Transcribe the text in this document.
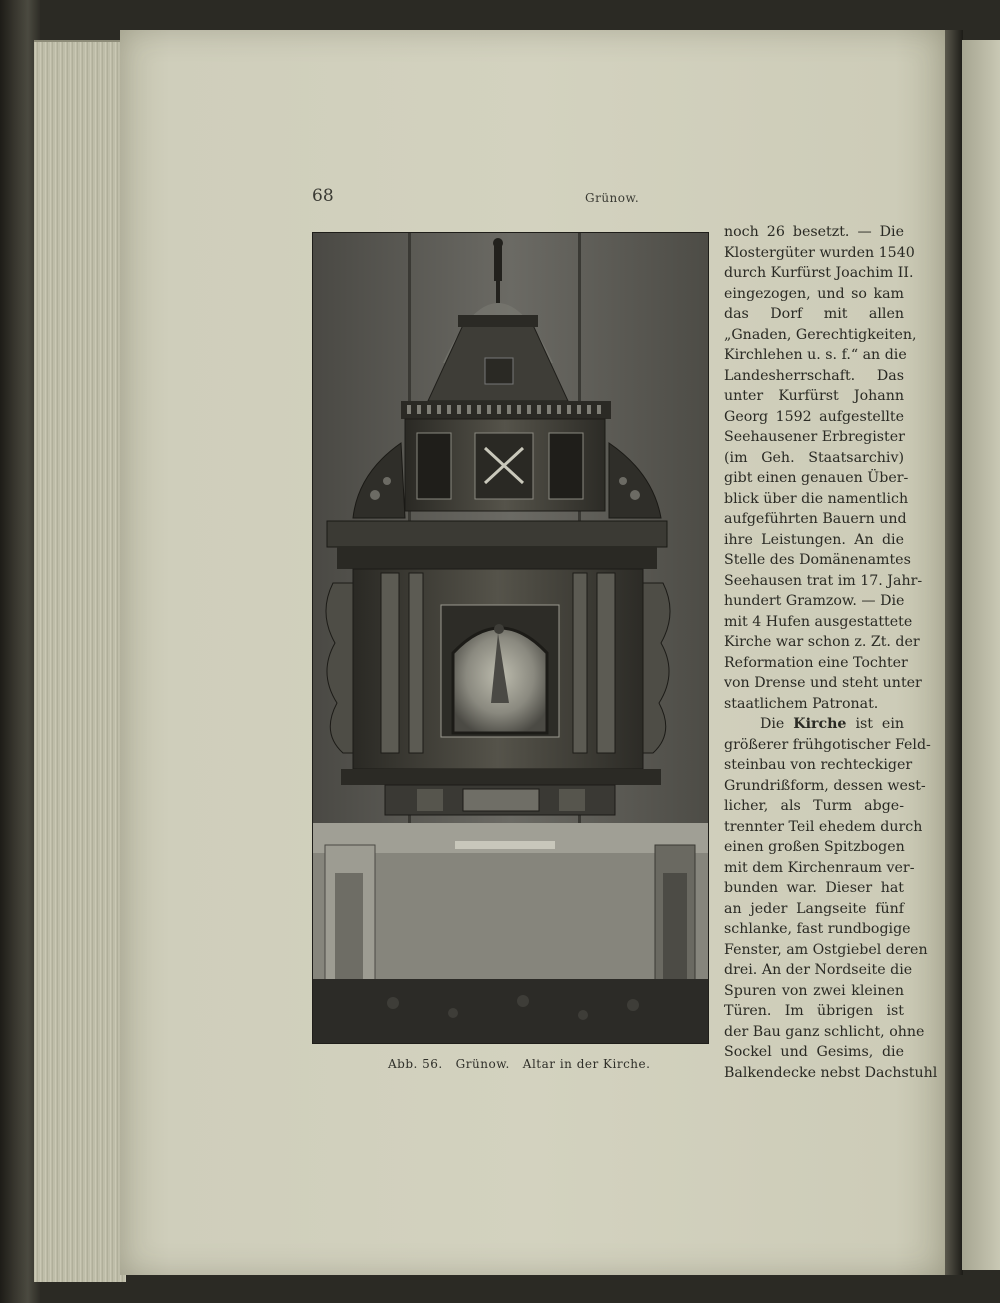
68	Grünow.
Abb. 56.   Grünow.   Altar in der Kirche.
noch 26 besetzt. — Die
Klostergüter wurden 1540
durch Kurfürst Joachim II.
eingezogen, und so kam
das Dorf mit allen
„Gnaden, Gerechtigkeiten,
Kirchlehen u. s. f.“ an die
Landesherrschaft. Das
unter Kurfürst Johann
Georg 1592 aufgestellte
Seehausener Erbregister
(im Geh. Staatsarchiv)
gibt einen genauen Über-
blick über die namentlich
aufgeführten Bauern und
ihre Leistungen. An die
Stelle des Domänenamtes
Seehausen trat im 17. Jahr-
hundert Gramzow. — Die
mit 4 Hufen ausgestattete
Kirche war schon z. Zt. der
Reformation eine Tochter
von Drense und steht unter
staatlichem Patronat.
Die Kirche ist ein
größerer frühgotischer Feld-
steinbau von rechteckiger
Grundrißform, dessen west-
licher, als Turm abge-
trennter Teil ehedem durch
einen großen Spitzbogen
mit dem Kirchenraum ver-
bunden war. Dieser hat
an jeder Langseite fünf
schlanke, fast rundbogige
Fenster, am Ostgiebel deren
drei. An der Nordseite die
Spuren von zwei kleinen
Türen. Im übrigen ist
der Bau ganz schlicht, ohne
Sockel und Gesims, die
Balkendecke nebst Dachstuhl
